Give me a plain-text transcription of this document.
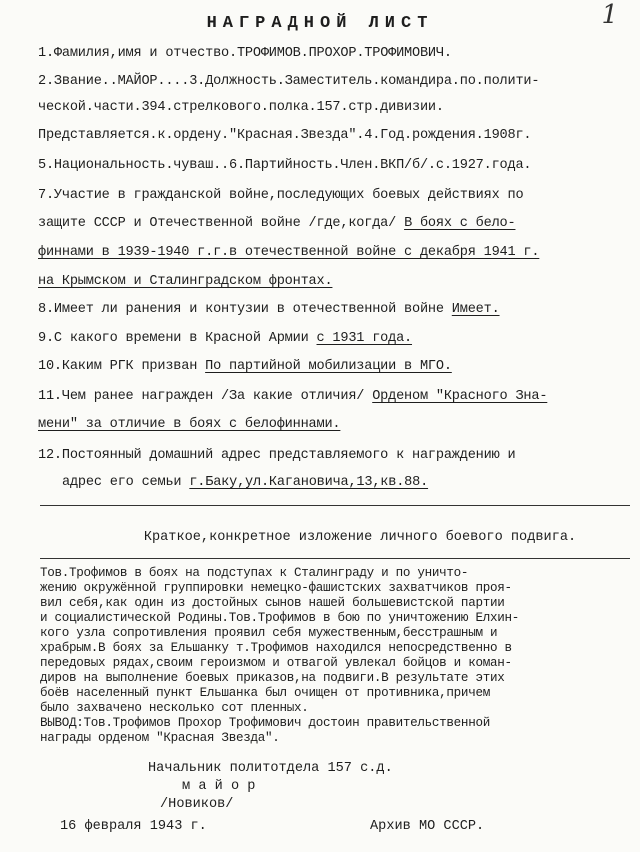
1
НАГРАДНОЙ ЛИСТ
1.Фамилия,имя и отчество.ТРОФИМОВ.ПРОХОР.ТРОФИМОВИЧ.
2.Звание..МАЙОР....3.Должность.Заместитель.командира.по.полити-
ческой.части.394.стрелкового.полка.157.стр.дивизии.
Представляется.к.ордену."Красная.Звезда".4.Год.рождения.1908г.
5.Национальность.чуваш..6.Партийность.Член.ВКП/б/.с.1927.года.
7.Участие в гражданской войне,последующих боевых действиях по
защите СССР и Отечественной войне /где,когда/ В боях с бело-
финнами в 1939-1940 г.г.в отечественной войне с декабря 1941 г.
на Крымском и Сталинградском фронтах.
8.Имеет ли ранения и контузии в отечественной войне Имеет.
9.С какого времени в Красной Армии с 1931 года.
10.Каким РГК призван По партийной мобилизации в МГО.
11.Чем ранее награжден /За какие отличия/ Орденом "Красного Зна-
мени" за отличие в боях с белофиннами.
12.Постоянный домашний адрес представляемого к награждению и
адрес его семьи г.Баку,ул.Кагановича,13,кв.88.
Краткое,конкретное изложение личного боевого подвига.
Тов.Трофимов в боях на подступах к Сталинграду и по уничто-
жению окружённой группировки немецко-фашистских захватчиков проя-
вил себя,как один из достойных сынов нашей большевистской партии
и социалистической Родины.Тов.Трофимов в бою по уничтожению Елхин-
кого узла сопротивления проявил себя мужественным,бесстрашным и
храбрым.В боях за Ельшанку т.Трофимов находился непосредственно в
передовых рядах,своим героизмом и отвагой увлекал бойцов и коман-
диров на выполнение боевых приказов,на подвиги.В результате этих
боёв населенный пункт Ельшанка был очищен от противника,причем
было захвачено несколько сот пленных.
ВЫВОД:Тов.Трофимов Прохор Трофимович достоин правительственной
награды орденом "Красная Звезда".
Начальник политотдела 157 с.д.
м а й о р
/Новиков/
16 февраля 1943 г.	Архив МО СССР.
